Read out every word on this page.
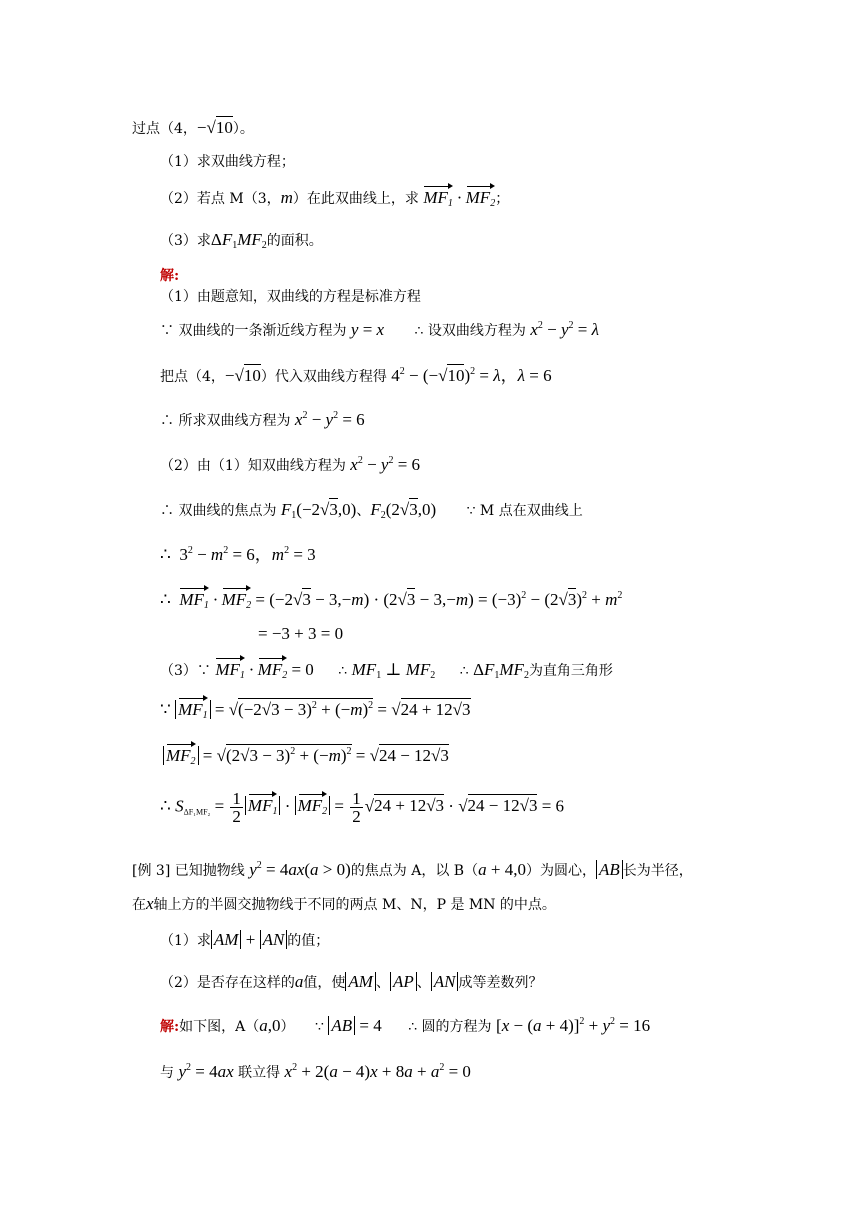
过点（4，−√10）。
（1）求双曲线方程；
（2）若点 M（3，m）在此双曲线上，求 $MF_1 \cdot MF_2$；
（3）求$\Delta F_1MF_2$的面积。
解:
（1）由题意知，双曲线的方程是标准方程
∵ 双曲线的一条渐近线方程为 y = x ∴ 设双曲线方程为 $x^2 - y^2 = \lambda$
把点（4，−√10）代入双曲线方程得 $4^2 - (-√10)^2 = \lambda$，λ = 6
∴ 所求双曲线方程为 $x^2 - y^2 = 6$
（2）由（1）知双曲线方程为 $x^2 - y^2 = 6$
∴ 双曲线的焦点为 $F_1(-2√3,0)$、$F_2(2√3,0)$ ∵ M 点在双曲线上
∴  $3^2 - m^2 = 6$，$m^2 = 3$
∴  $MF_1 \cdot MF_2 = (-2√3 - 3,-m) \cdot (2√3 - 3,-m) = (-3)^2 - (2√3)^2 + m^2$
= −3 + 3 = 0
（3）∵ $MF_1 \cdot MF_2 = 0$ ∴ $MF_1$ ⊥ $MF_2$ ∴ $\Delta F_1MF_2$为直角三角形
∵ $MF_1 = √(-2√3 - 3)^2 + (-m)^2 = √24 + 12√3$
$MF_2 = √(2√3 - 3)^2 + (-m)^2 = √24 - 12√3$
∴ $S_{\Delta F_1MF_2} = \frac{1}{2} MF_1 \cdot MF_2 = \frac{1}{2} √24 + 12√3 \cdot √24 - 12√3 = 6$
[例 3] 已知抛物线 $y^2 = 4ax(a > 0)$的焦点为 A，以 B（a + 4,0）为圆心， AB 长为半径，
在x轴上方的半圆交抛物线于不同的两点 M、N，P 是 MN 的中点。
（1）求 AM + AN 的值；
（2）是否存在这样的a值，使 AM 、 AP 、 AN 成等差数列？
解:如下图，A（a,0） ∵ AB = 4 ∴ 圆的方程为 $[x - (a + 4)]^2 + y^2 = 16$
与 $y^2 = 4ax$ 联立得 $x^2 + 2(a - 4)x + 8a + a^2 = 0$
